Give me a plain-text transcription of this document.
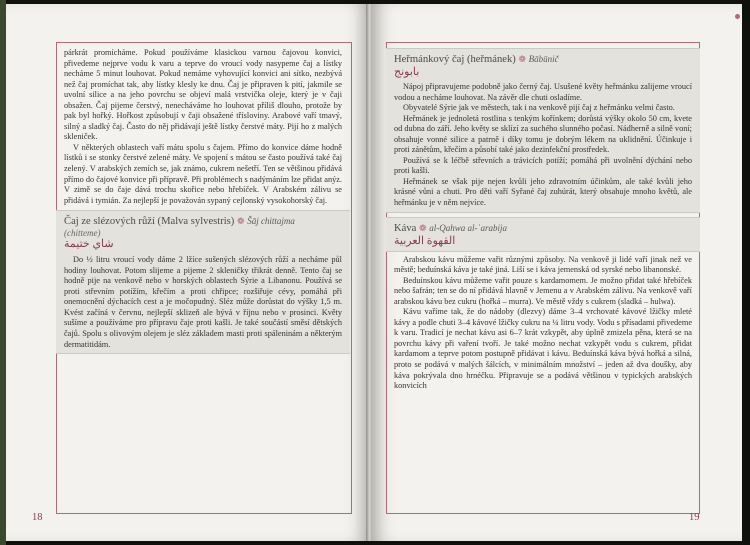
párkrát promícháme. Pokud používáme klasickou varnou čajovou konvici, přivedeme nejprve vodu k varu a teprve do vroucí vody nasypeme čaj a lístky necháme 5 minut louhovat. Pokud nemáme vyhovující konvici ani sítko, nezbývá než čaj promíchat tak, aby lístky klesly ke dnu. Čaj je připraven k pití, jakmile se uvolní silice a na jeho povrchu se objeví malá vrstvička oleje, který je v čaji obsažen. Čaj pijeme čerstvý, nenecháváme ho louhovat příliš dlouho, protože by pak byl hořký. Hořkost způsobují v čaji obsažené třísloviny. Arabové vaří tmavý, silný a sladký čaj. Často do něj přidávají ještě lístky čerstvé máty. Pijí ho z malých skleniček.

V některých oblastech vaří mátu spolu s čajem. Přímo do konvice dáme hodně lístků i se stonky čerstvé zelené máty. Ve spojení s mátou se často používá také čaj zelený. V arabských zemích se, jak známo, cukrem nešetří. Ten se většinou přidává přímo do čajové konvice při přípravě. Při problémech s nadýmáním lze přidat anýz. V zimě se do čaje dává trochu skořice nebo hřebíček. V Arabském zálivu se přidává i tymián. Za nejlepší je považován sypaný cejlonský vysokohorský čaj.

Čaj ze slézových růží (Malva sylvestris) ❁ Šāj chittajma
(chitteme)
شاي ختيمة

Do ½ litru vroucí vody dáme 2 lžíce sušených slézových růží a necháme půl hodiny louhovat. Potom slijeme a pijeme 2 skleničky třikrát denně. Tento čaj se hodně pije na venkově nebo v horských oblastech Sýrie a Libanonu. Používá se proti střevním potížím, křečím a proti chřipce; rozšiřuje cévy, pomáhá při onemocnění dýchacích cest a je močopudný. Sléz může dorůstat do výšky 1,5 m. Kvést začíná v červnu, nejlepší sklizeň ale bývá v říjnu nebo v prosinci. Květy sušíme a používáme pro přípravu čaje proti kašli. Je také součástí směsí dětských čajů. Spolu s olivovým olejem je sléz základem masti proti spáleninám a některým dermatitidám.

18
Heřmánkový čaj (heřmánek) ❁ Bābūnič
بابونج

Nápoj připravujeme podobně jako černý čaj. Usušené květy heřmánku zalijeme vroucí vodou a necháme louhovat. Na závěr dle chuti osladíme.

Obyvatelé Sýrie jak ve městech, tak i na venkově pijí čaj z heřmánku velmi často.

Heřmánek je jednoletá rostlina s tenkým kořínkem; dorůstá výšky okolo 50 cm, kvete od dubna do září. Jeho květy se sklízí za suchého slunného počasí. Nádherně a silně voní; obsahuje vonné silice a patrně i díky tomu je dobrým lékem na uklidnění. Účinkuje i proti zánětům, křečím a působí také jako dezinfekční prostředek.

Používá se k léčbě střevních a trávicích potíží; pomáhá při uvolnění dýchání nebo proti kašli.

Heřmánek se však pije nejen kvůli jeho zdravotním účinkům, ale také kvůli jeho krásné vůni a chuti. Pro děti vaří Syřané čaj zuhúrát, který obsahuje mnoho květů, ale heřmánku je v něm nejvíce.

Káva ❁ al-Qahwa al-ʿarabija
القهوة العربية

Arabskou kávu můžeme vařit různými způsoby. Na venkově ji lidé vaří jinak než ve městě; beduínská káva je také jiná. Liší se i káva jemenská od syrské nebo libanonské.

Beduínskou kávu můžeme vařit pouze s kardamomem. Je možno přidat také hřebíček nebo šafrán; ten se do ní přidává hlavně v Jemenu a v Arabském zálivu. Na venkově vaří arabskou kávu bez cukru (hořká – murra). Ve městě vždy s cukrem (sladká – hulwa).

Kávu vaříme tak, že do nádoby (dlezvy) dáme 3–4 vrchovaté kávové lžičky mleté kávy a podle chuti 3–4 kávové lžičky cukru na ¼ litru vody. Vodu s přísadami přivedeme k varu. Tradicí je nechat kávu asi 6–7 krát vzkypět, aby úplně zmizela pěna, která se na povrchu kávy při vaření tvoří. Je také možno nechat vzkypět vodu s cukrem, přidat kardamom a teprve potom postupně přidávat i kávu. Beduínská káva bývá hořká a silná, proto se podává v malých šálcích, v minimálním množství – jeden až dva doušky, aby káva pokrývala dno hrnéčku. Připravuje se a podává většinou v typických arabských konvicích

19
